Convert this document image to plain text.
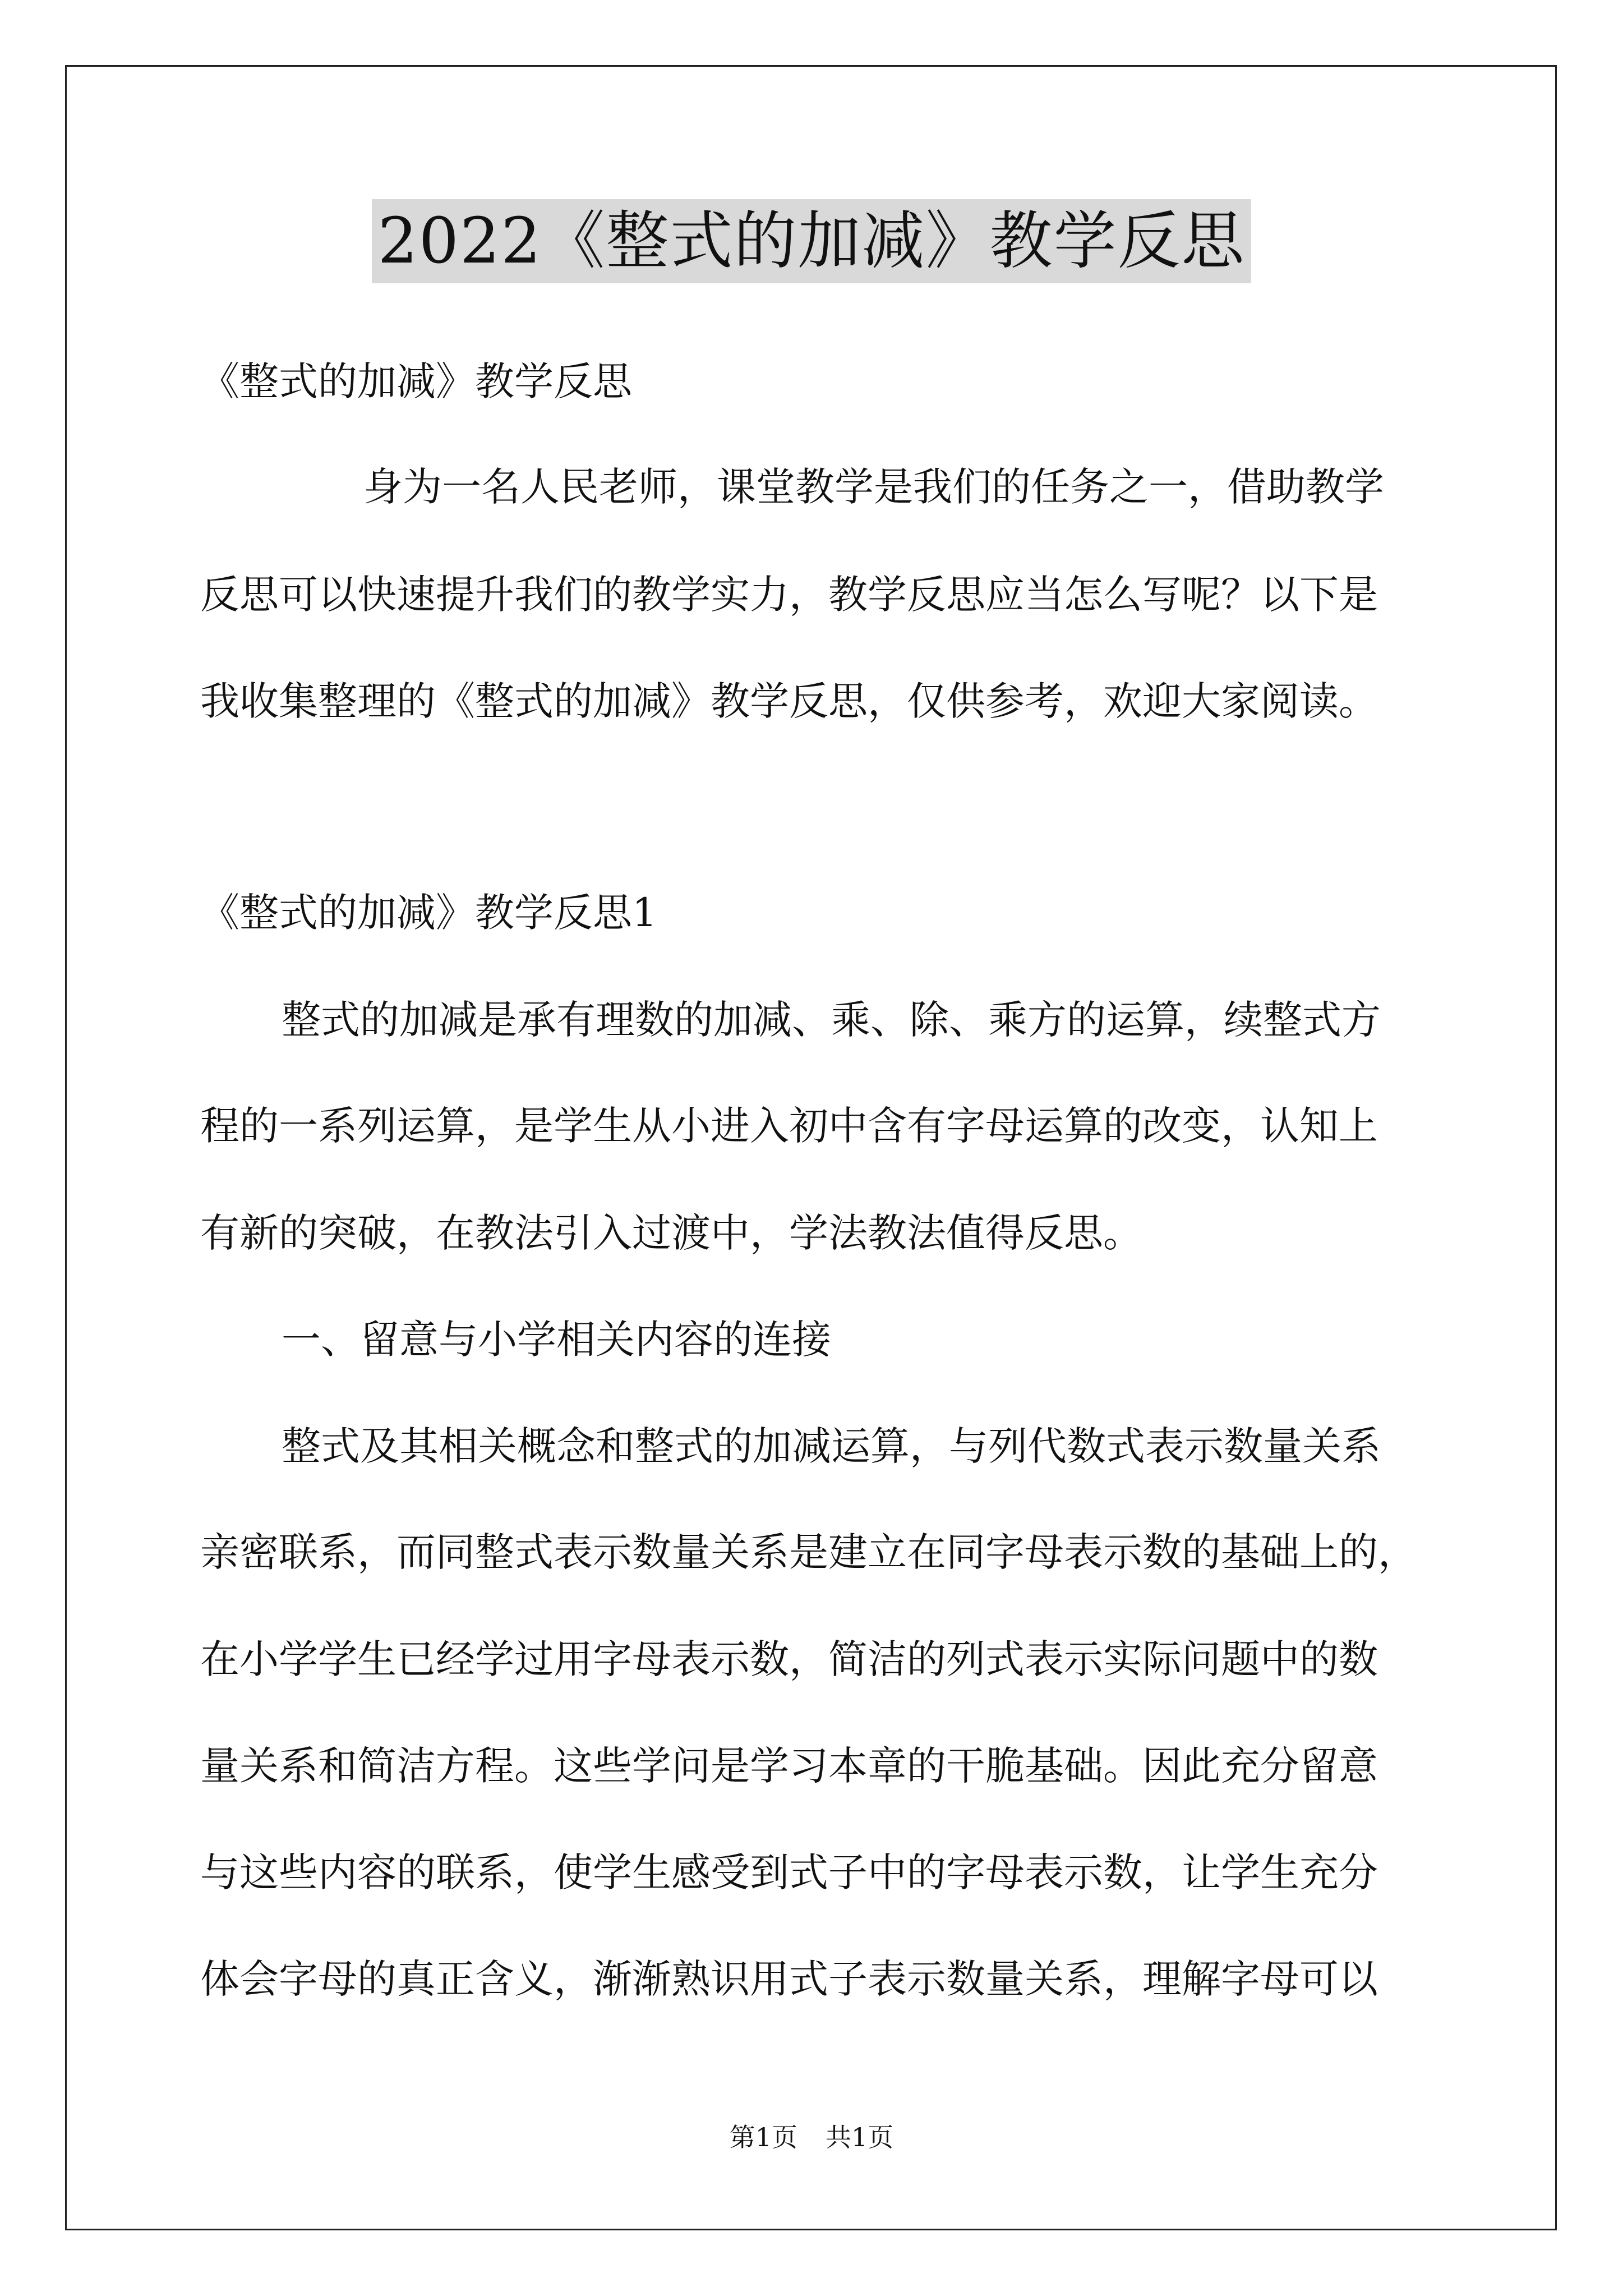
2022《整式的加减》教学反思

《整式的加减》教学反思

身为一名人民老师，课堂教学是我们的任务之一，借助教学

反思可以快速提升我们的教学实力，教学反思应当怎么写呢？以下是

我收集整理的《整式的加减》教学反思，仅供参考，欢迎大家阅读。

《整式的加减》教学反思1

整式的加减是承有理数的加减、乘、除、乘方的运算，续整式方

程的一系列运算，是学生从小进入初中含有字母运算的改变，认知上

有新的突破，在教法引入过渡中，学法教法值得反思。

一、留意与小学相关内容的连接

整式及其相关概念和整式的加减运算，与列代数式表示数量关系

亲密联系，而同整式表示数量关系是建立在同字母表示数的基础上的，

在小学学生已经学过用字母表示数，简洁的列式表示实际问题中的数

量关系和简洁方程。这些学问是学习本章的干脆基础。因此充分留意

与这些内容的联系，使学生感受到式子中的字母表示数，让学生充分

体会字母的真正含义，渐渐熟识用式子表示数量关系，理解字母可以

第1页 共1页
